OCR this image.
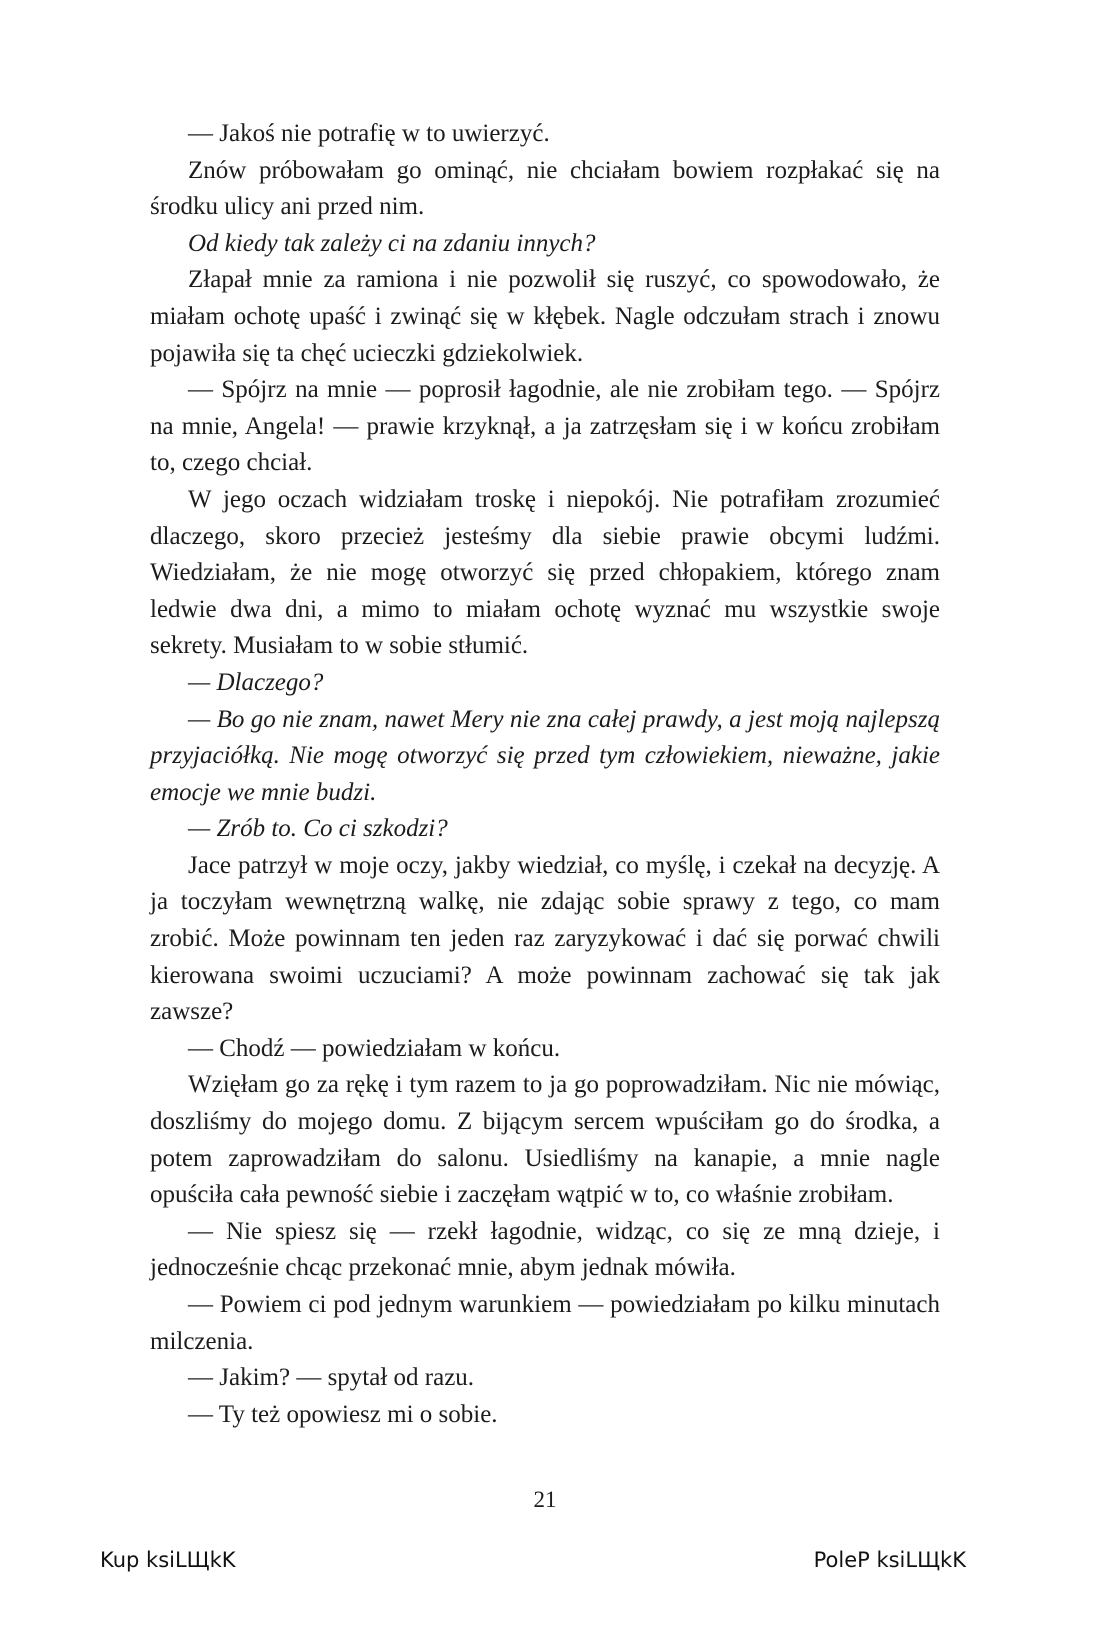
— Jakoś nie potrafię w to uwierzyć.

Znów próbowałam go ominąć, nie chciałam bowiem rozpłakać się na środku ulicy ani przed nim.

Od kiedy tak zależy ci na zdaniu innych?

Złapał mnie za ramiona i nie pozwolił się ruszyć, co spowodowało, że miałam ochotę upaść i zwinąć się w kłębek. Nagle odczułam strach i znowu pojawiła się ta chęć ucieczki gdziekolwiek.

— Spójrz na mnie — poprosił łagodnie, ale nie zrobiłam tego. — Spójrz na mnie, Angela! — prawie krzyknął, a ja zatrzęsłam się i w końcu zrobiłam to, czego chciał.

W jego oczach widziałam troskę i niepokój. Nie potrafiłam zrozumieć dlaczego, skoro przecież jesteśmy dla siebie prawie obcymi ludźmi. Wiedziałam, że nie mogę otworzyć się przed chłopakiem, którego znam ledwie dwa dni, a mimo to miałam ochotę wyznać mu wszystkie swoje sekrety. Musiałam to w sobie stłumić.

— Dlaczego?

— Bo go nie znam, nawet Mery nie zna całej prawdy, a jest moją najlepszą przyjaciółką. Nie mogę otworzyć się przed tym człowiekiem, nieważne, jakie emocje we mnie budzi.

— Zrób to. Co ci szkodzi?

Jace patrzył w moje oczy, jakby wiedział, co myślę, i czekał na decyzję. A ja toczyłam wewnętrzną walkę, nie zdając sobie sprawy z tego, co mam zrobić. Może powinnam ten jeden raz zaryzykować i dać się porwać chwili kierowana swoimi uczuciami? A może powinnam zachować się tak jak zawsze?

— Chodź — powiedziałam w końcu.

Wzięłam go za rękę i tym razem to ja go poprowadziłam. Nic nie mówiąc, doszliśmy do mojego domu. Z bijącym sercem wpuściłam go do środka, a potem zaprowadziłam do salonu. Usiedliśmy na kanapie, a mnie nagle opuściła cała pewność siebie i zaczęłam wątpić w to, co właśnie zrobiłam.

— Nie spiesz się — rzekł łagodnie, widząc, co się ze mną dzieje, i jednocześnie chcąc przekonać mnie, abym jednak mówiła.

— Powiem ci pod jednym warunkiem — powiedziałam po kilku minutach milczenia.

— Jakim? — spytał od razu.

— Ty też opowiesz mi o sobie.

21
Kup ksiLЩkK	PoleP ksiLЩkK
